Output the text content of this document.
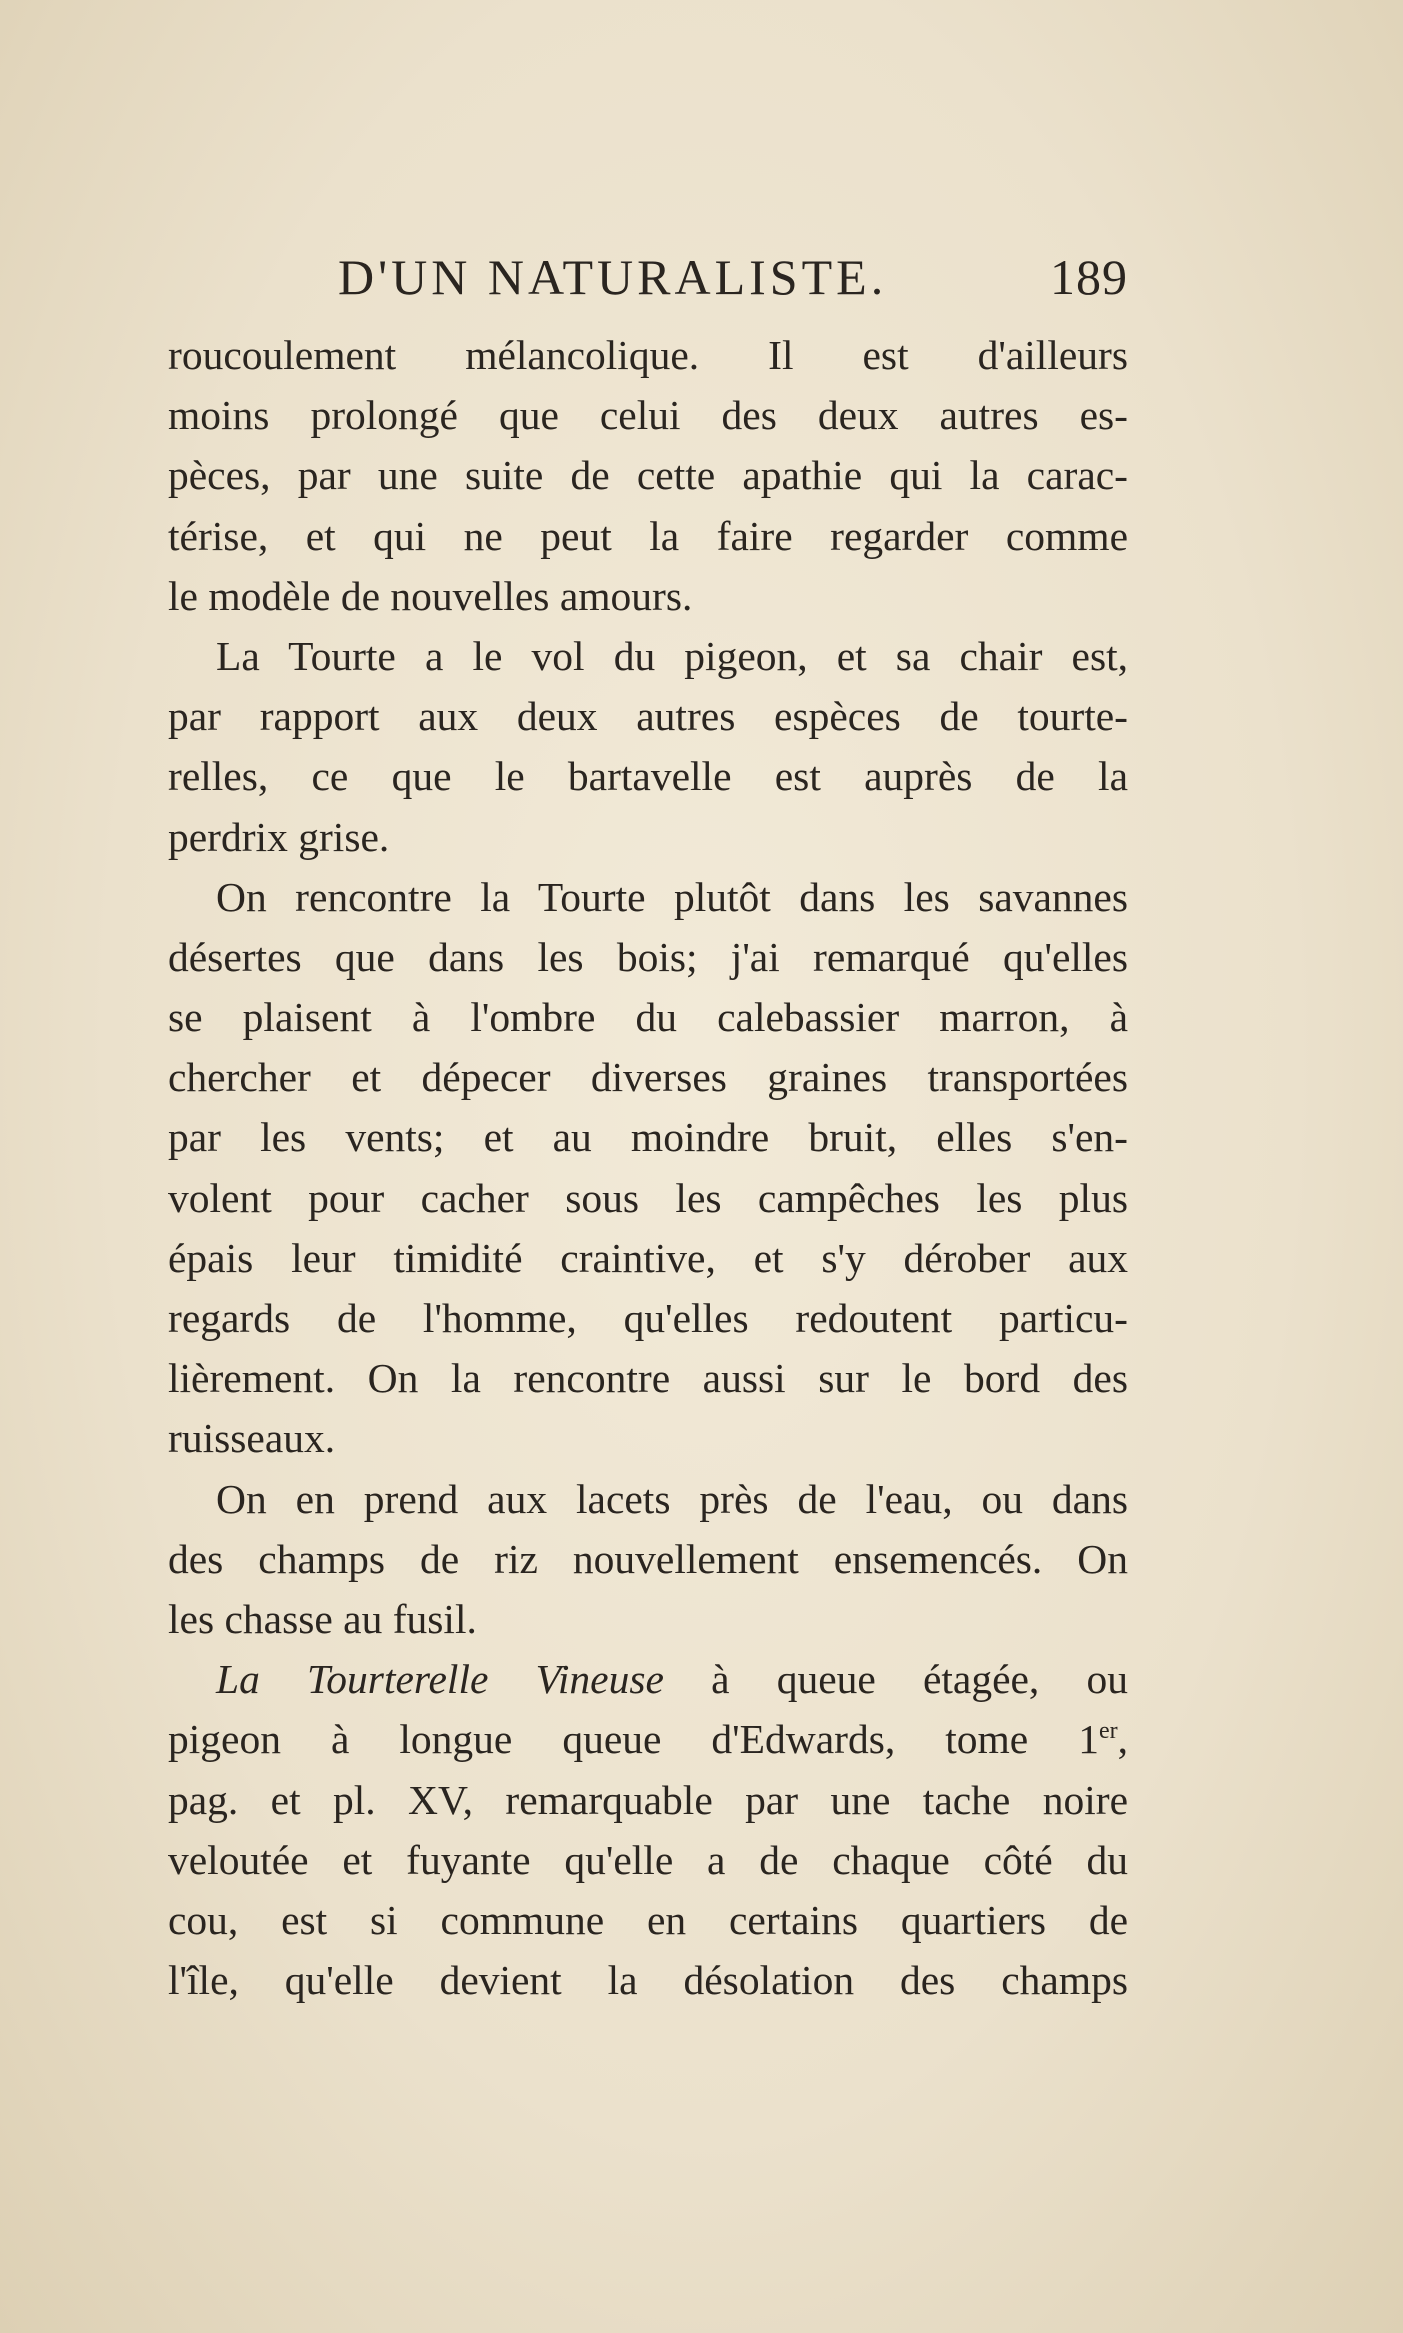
D'UN NATURALISTE.	189
roucoulement mélancolique. Il est d'ailleurs
moins prolongé que celui des deux autres es-
pèces, par une suite de cette apathie qui la carac-
térise, et qui ne peut la faire regarder comme
le modèle de nouvelles amours.
La Tourte a le vol du pigeon, et sa chair est,
par rapport aux deux autres espèces de tourte-
relles, ce que le bartavelle est auprès de la
perdrix grise.
On rencontre la Tourte plutôt dans les savannes
désertes que dans les bois; j'ai remarqué qu'elles
se plaisent à l'ombre du calebassier marron, à
chercher et dépecer diverses graines transportées
par les vents; et au moindre bruit, elles s'en-
volent pour cacher sous les campêches les plus
épais leur timidité craintive, et s'y dérober aux
regards de l'homme, qu'elles redoutent particu-
lièrement. On la rencontre aussi sur le bord des
ruisseaux.
On en prend aux lacets près de l'eau, ou dans
des champs de riz nouvellement ensemencés. On
les chasse au fusil.
La Tourterelle Vineuse à queue étagée, ou
pigeon à longue queue d'Edwards, tome 1er,
pag. et pl. XV, remarquable par une tache noire
veloutée et fuyante qu'elle a de chaque côté du
cou, est si commune en certains quartiers de
l'île, qu'elle devient la désolation des champs
